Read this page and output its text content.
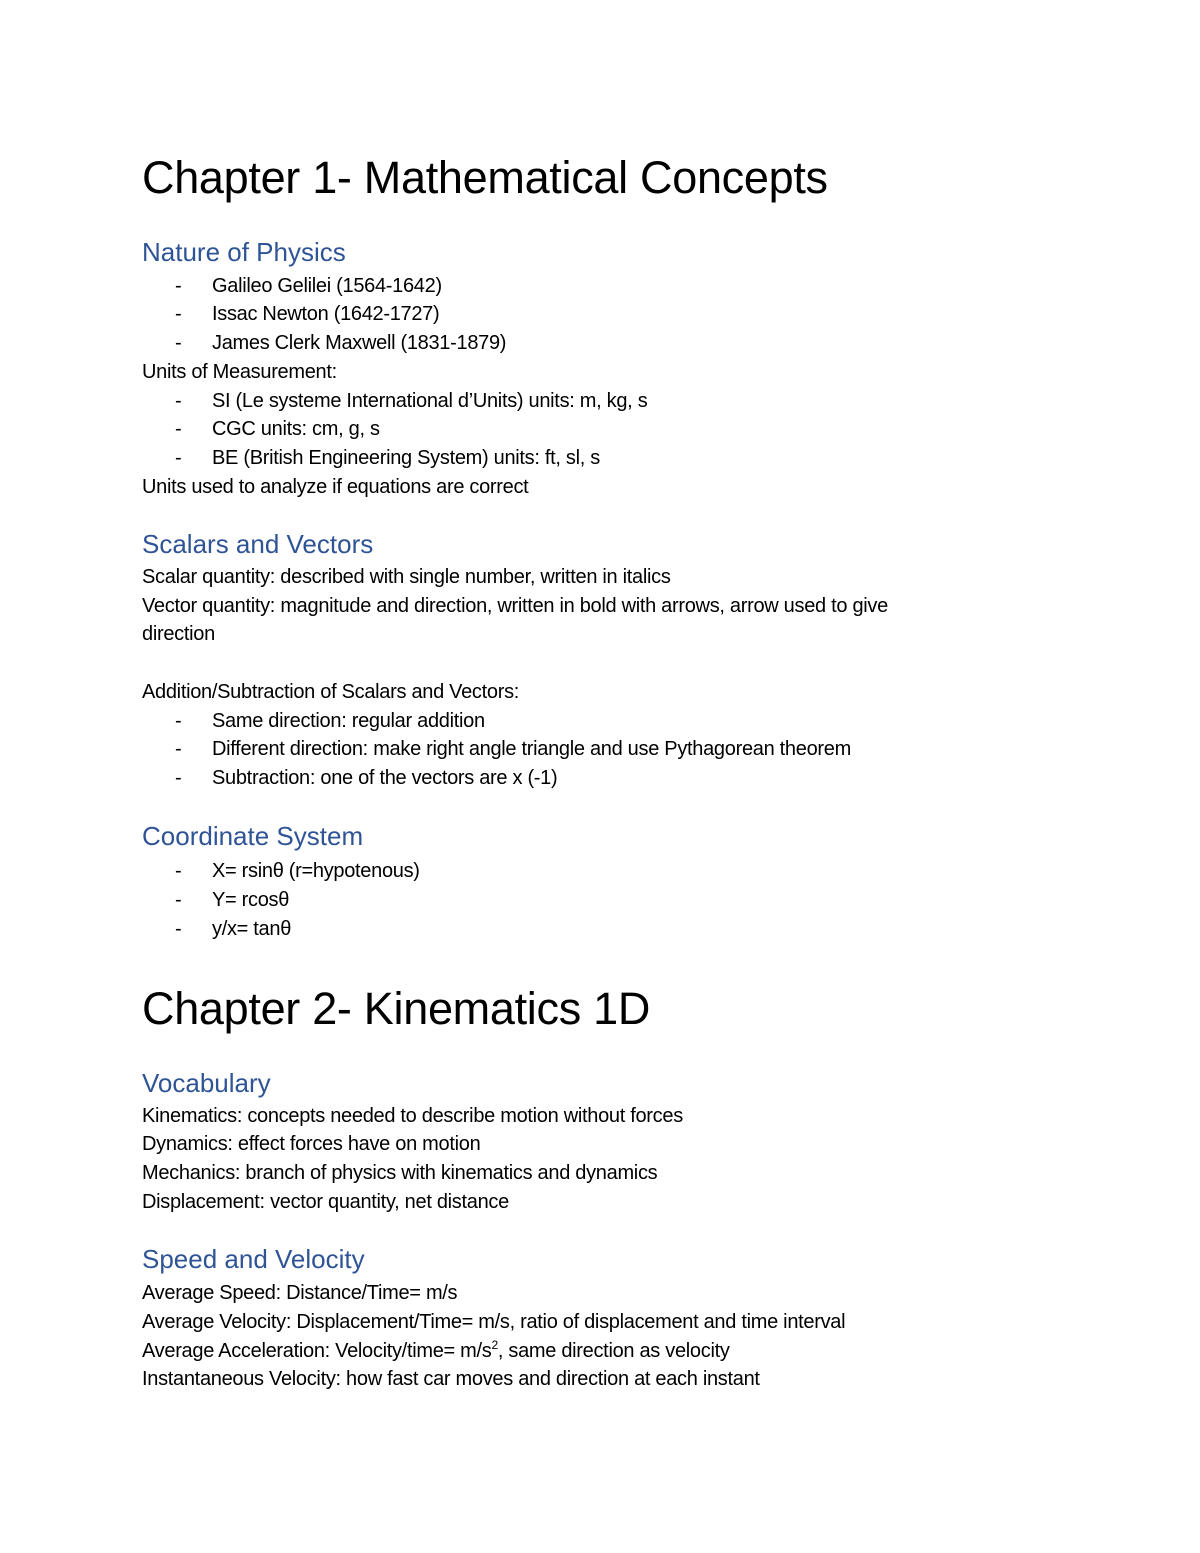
Chapter 1- Mathematical Concepts
Nature of Physics
- Galileo Gelilei (1564-1642)
- Issac Newton (1642-1727)
- James Clerk Maxwell (1831-1879)
Units of Measurement:
- SI (Le systeme International d’Units) units: m, kg, s
- CGC units: cm, g, s
- BE (British Engineering System) units: ft, sl, s
Units used to analyze if equations are correct
Scalars and Vectors
Scalar quantity: described with single number, written in italics
Vector quantity: magnitude and direction, written in bold with arrows, arrow used to give
direction
Addition/Subtraction of Scalars and Vectors:
- Same direction: regular addition
- Different direction: make right angle triangle and use Pythagorean theorem
- Subtraction: one of the vectors are x (-1)
Coordinate System
- X= rsinθ (r=hypotenous)
- Y= rcosθ
- y/x= tanθ
Chapter 2- Kinematics 1D
Vocabulary
Kinematics: concepts needed to describe motion without forces
Dynamics: effect forces have on motion
Mechanics: branch of physics with kinematics and dynamics
Displacement: vector quantity, net distance
Speed and Velocity
Average Speed: Distance/Time= m/s
Average Velocity: Displacement/Time= m/s, ratio of displacement and time interval
Average Acceleration: Velocity/time= $m/s^2$, same direction as velocity
Instantaneous Velocity: how fast car moves and direction at each instant
